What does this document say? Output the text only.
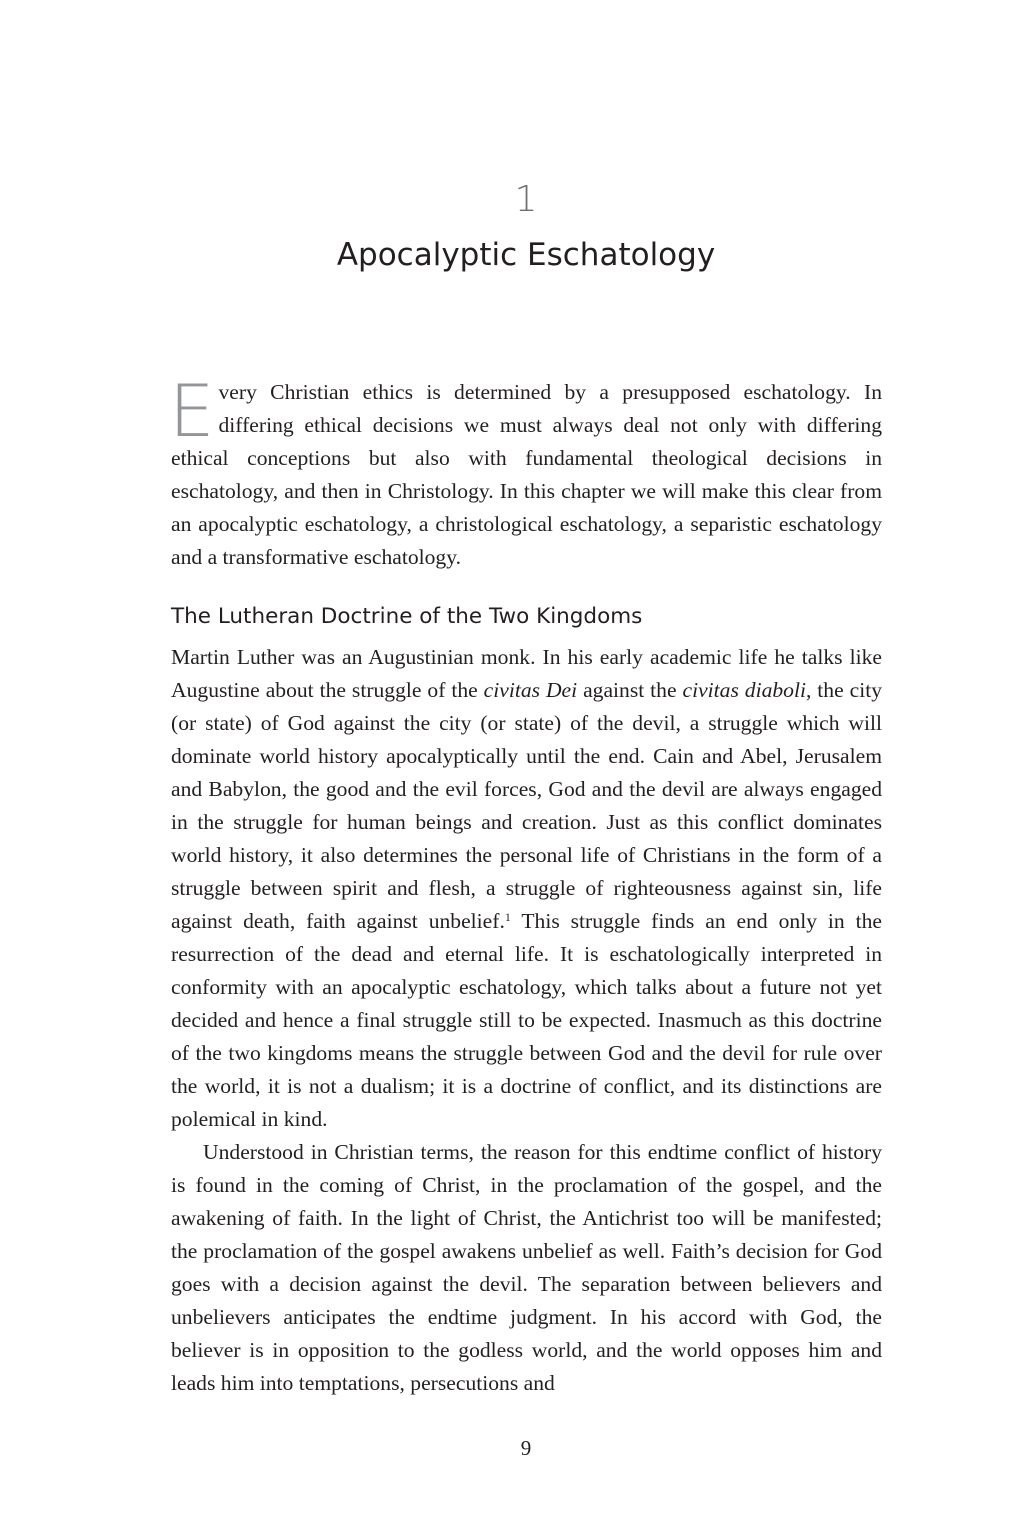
1
Apocalyptic Eschatology

Every Christian ethics is determined by a presupposed eschatology. In differing ethical decisions we must always deal not only with differing ethical conceptions but also with fundamental theological decisions in eschatology, and then in Christology. In this chapter we will make this clear from an apocalyptic eschatology, a christological eschatology, a separistic eschatology and a transformative eschatology.

The Lutheran Doctrine of the Two Kingdoms

Martin Luther was an Augustinian monk. In his early academic life he talks like Augustine about the struggle of the civitas Dei against the civitas diaboli, the city (or state) of God against the city (or state) of the devil, a struggle which will dominate world history apocalyptically until the end. Cain and Abel, Jerusalem and Babylon, the good and the evil forces, God and the devil are always engaged in the struggle for human beings and creation. Just as this conflict dominates world history, it also determines the personal life of Christians in the form of a struggle between spirit and flesh, a struggle of righteousness against sin, life against death, faith against unbelief.$^1$ This struggle finds an end only in the resurrection of the dead and eternal life. It is eschatologically interpreted in conformity with an apocalyptic eschatology, which talks about a future not yet decided and hence a final struggle still to be expected. Inasmuch as this doctrine of the two kingdoms means the struggle between God and the devil for rule over the world, it is not a dualism; it is a doctrine of conflict, and its distinctions are polemical in kind.

Understood in Christian terms, the reason for this endtime conflict of history is found in the coming of Christ, in the proclamation of the gospel, and the awakening of faith. In the light of Christ, the Antichrist too will be manifested; the proclamation of the gospel awakens unbelief as well. Faith’s decision for God goes with a decision against the devil. The separation between believers and unbelievers anticipates the endtime judgment. In his accord with God, the believer is in opposition to the godless world, and the world opposes him and leads him into temptations, persecutions and

9
